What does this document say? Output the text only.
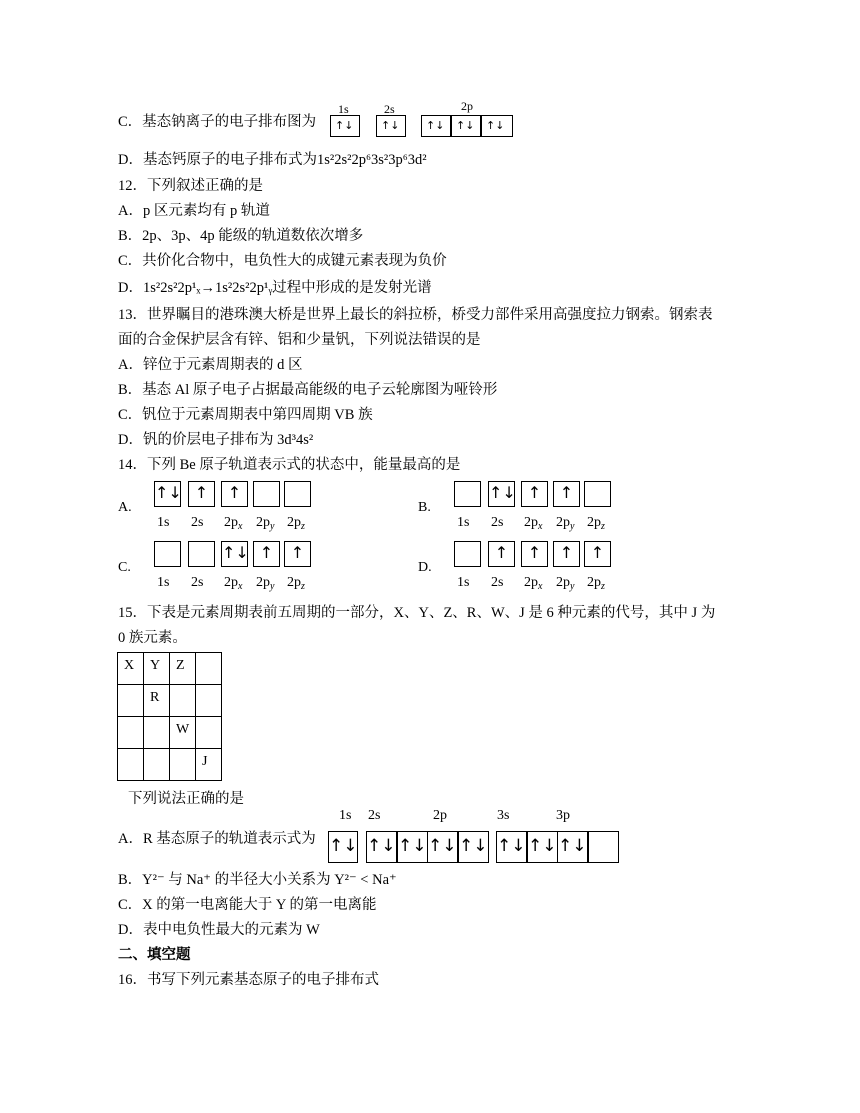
C．基态钠离子的电子排布图为
1s	2s	2p
↑↓	↑↓ ↑↓ ↑↓ ↑↓
D．基态钙原子的电子排布式为1s²2s²2p⁶3s²3p⁶3d²
12．下列叙述正确的是
A．p 区元素均有 p 轨道
B．2p、3p、4p 能级的轨道数依次增多
C．共价化合物中，电负性大的成键元素表现为负价
D．1s²2s²2p¹ₓ→1s²2s²2p¹ᵧ过程中形成的是发射光谱
13．世界瞩目的港珠澳大桥是世界上最长的斜拉桥，桥受力部件采用高强度拉力钢索。钢索表
面的合金保护层含有锌、铝和少量钒，下列说法错误的是
A．锌位于元素周期表的 d 区
B．基态 Al 原子电子占据最高能级的电子云轮廓图为哑铃形
C．钒位于元素周期表中第四周期 VB 族
D．钒的价层电子排布为 3d³4s²
14．下列 Be 原子轨道表示式的状态中，能量最高的是
A.
↑↓
1s
↑
2s
↑
$2p_x$ $2p_y$ $2p_z$
B.
1s
↑↓
2s
↑
$2p_x$
↑
$2p_y$ $2p_z$
C.
1s 2s
↑↓
$2p_x$
↑
$2p_y$
↑
$2p_z$
D.
1s
↑
2s
↑
$2p_x$
↑
$2p_y$
↑
$2p_z$
15．下表是元素周期表前五周期的一部分，X、Y、Z、R、W、J 是 6 种元素的代号，其中 J 为
0 族元素。
X	Y	Z	
	R		
		W	
			J
下列说法正确的是
A．R 基态原子的轨道表示式为
1s 2s	2p	3s	3p
↑↓ ↑↓ ↑↓ ↑↓ ↑↓ ↑↓ ↑↓ ↑↓
B．Y²⁻ 与 Na⁺ 的半径大小关系为 Y²⁻ < Na⁺
C．X 的第一电离能大于 Y 的第一电离能
D．表中电负性最大的元素为 W
二、填空题
16．书写下列元素基态原子的电子排布式
